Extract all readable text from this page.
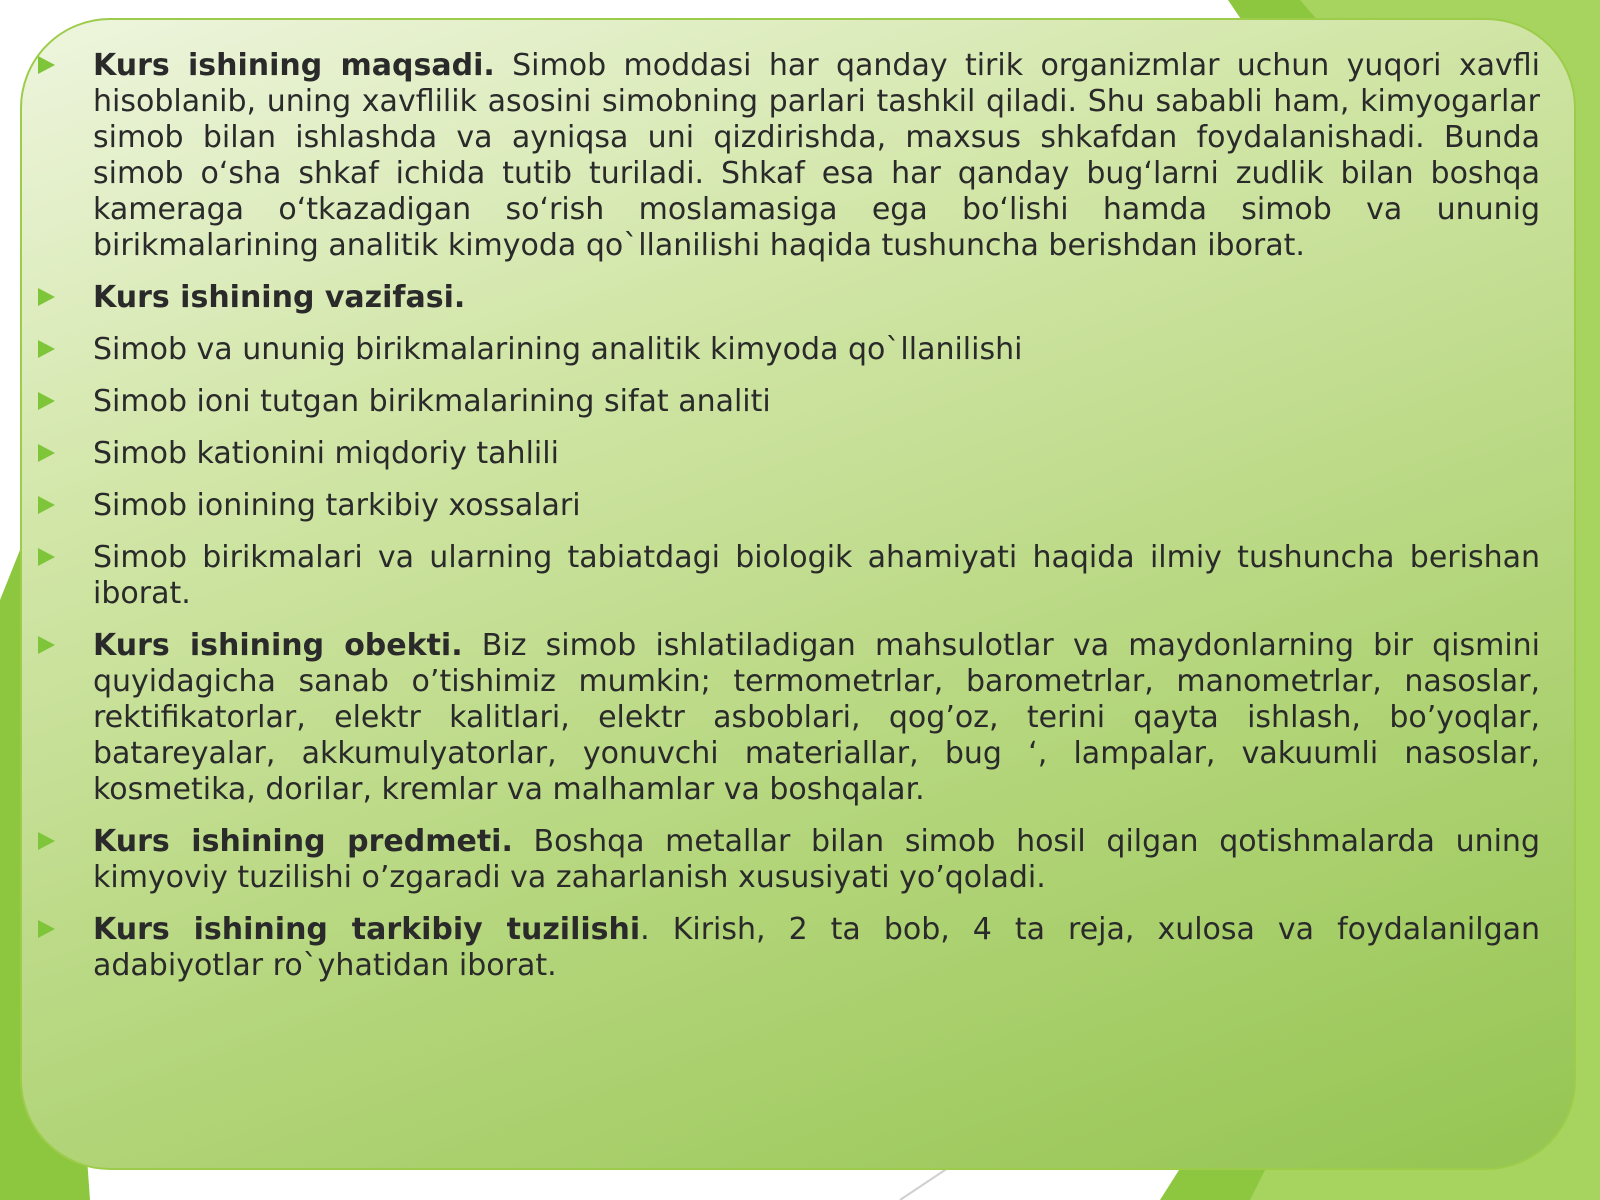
Kurs ishining maqsadi. Simob moddasi har qanday tirik organizmlar uchun yuqori xavfli hisoblanib, uning xavflilik asosini simobning parlari tashkil qiladi. Shu sababli ham, kimyogarlar simob bilan ishlashda va ayniqsa uni qizdirishda, maxsus shkafdan foydalanishadi. Bunda simob o‘sha shkaf ichida tutib turiladi. Shkaf esa har qanday bug‘larni zudlik bilan boshqa kameraga o‘tkazadigan so‘rish moslamasiga ega bo‘lishi hamda simob va ununig birikmalarining analitik kimyoda qo`llanilishi haqida tushuncha berishdan iborat.
Kurs ishining vazifasi.
Simob va ununig birikmalarining analitik kimyoda qo`llanilishi
Simob ioni tutgan birikmalarining sifat analiti
Simob kationini miqdoriy tahlili
Simob ionining tarkibiy xossalari
Simob birikmalari va ularning tabiatdagi biologik ahamiyati haqida ilmiy tushuncha berishan iborat.
Kurs ishining obekti. Biz simob ishlatiladigan mahsulotlar va maydonlarning bir qismini quyidagicha sanab o’tishimiz mumkin; termometrlar, barometrlar, manometrlar, nasoslar, rektifikatorlar, elektr kalitlari, elektr asboblari, qog’oz, terini qayta ishlash, bo’yoqlar, batareyalar, akkumulyatorlar, yonuvchi materiallar, bug ‘, lampalar, vakuumli nasoslar, kosmetika, dorilar, kremlar va malhamlar va boshqalar.
Kurs ishining predmeti. Boshqa metallar bilan simob hosil qilgan qotishmalarda uning kimyoviy tuzilishi o’zgaradi va zaharlanish xususiyati yo’qoladi.
Kurs ishining tarkibiy tuzilishi. Kirish, 2 ta bob, 4 ta reja, xulosa va foydalanilgan adabiyotlar ro`yhatidan iborat.
